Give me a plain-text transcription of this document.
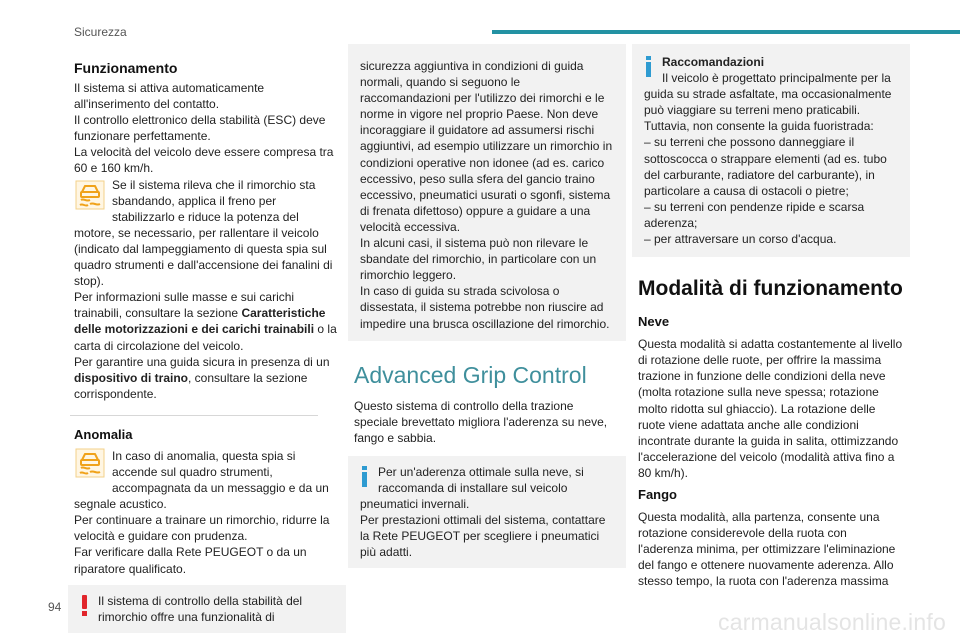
Sicurezza
Funzionamento

Il sistema si attiva automaticamente all'inserimento del contatto.

Il controllo elettronico della stabilità (ESC) deve funzionare perfettamente.

La velocità del veicolo deve essere compresa tra 60 e 160 km/h.

Se il sistema rileva che il rimorchio sta sbandando, applica il freno per stabilizzarlo e riduce la potenza del motore, se necessario, per rallentare il veicolo (indicato dal lampeggiamento di questa spia sul quadro strumenti e dall'accensione dei fanalini di stop).

Per informazioni sulle masse e sui carichi trainabili, consultare la sezione Caratteristiche delle motorizzazioni e dei carichi trainabili o la carta di circolazione del veicolo.

Per garantire una guida sicura in presenza di un dispositivo di traino, consultare la sezione corrispondente.

Anomalia

In caso di anomalia, questa spia si accende sul quadro strumenti, accompagnata da un messaggio e da un segnale acustico.

Per continuare a trainare un rimorchio, ridurre la velocità e guidare con prudenza.

Far verificare dalla Rete PEUGEOT o da un riparatore qualificato.

Il sistema di controllo della stabilità del rimorchio offre una funzionalità di

sicurezza aggiuntiva in condizioni di guida normali, quando si seguono le raccomandazioni per l'utilizzo dei rimorchi e le norme in vigore nel proprio Paese. Non deve incoraggiare il guidatore ad assumersi rischi aggiuntivi, ad esempio utilizzare un rimorchio in condizioni operative non idonee (ad es. carico eccessivo, peso sulla sfera del gancio traino eccessivo, pneumatici usurati o sgonfi, sistema di frenata difettoso) oppure a guidare a una velocità eccessiva.

In alcuni casi, il sistema può non rilevare le sbandate del rimorchio, in particolare con un rimorchio leggero.

In caso di guida su strada scivolosa o dissestata, il sistema potrebbe non riuscire ad impedire una brusca oscillazione del rimorchio.

Advanced Grip Control

Questo sistema di controllo della trazione speciale brevettato migliora l'aderenza su neve, fango e sabbia.

Per un'aderenza ottimale sulla neve, si raccomanda di installare sul veicolo pneumatici invernali.

Per prestazioni ottimali del sistema, contattare la Rete PEUGEOT per scegliere i pneumatici più adatti.

Raccomandazioni

Il veicolo è progettato principalmente per la guida su strade asfaltate, ma occasionalmente può viaggiare su terreni meno praticabili.

Tuttavia, non consente la guida fuoristrada:

– su terreni che possono danneggiare il sottoscocca o strappare elementi (ad es. tubo del carburante, radiatore del carburante), in particolare a causa di ostacoli o pietre;

– su terreni con pendenze ripide e scarsa aderenza;

– per attraversare un corso d'acqua.

Modalità di funzionamento
Neve

Questa modalità si adatta costantemente al livello di rotazione delle ruote, per offrire la massima trazione in funzione delle condizioni della neve (molta rotazione sulla neve spessa; rotazione molto ridotta sul ghiaccio). La rotazione delle ruote viene adattata anche alle condizioni incontrate durante la guida in salita, ottimizzando l'accelerazione del veicolo (modalità attiva fino a 80 km/h).

Fango

Questa modalità, alla partenza, consente una rotazione considerevole della ruota con l'aderenza minima, per ottimizzare l'eliminazione del fango e ottenere nuovamente aderenza. Allo stesso tempo, la ruota con l'aderenza massima

94
carmanualsonline.info
